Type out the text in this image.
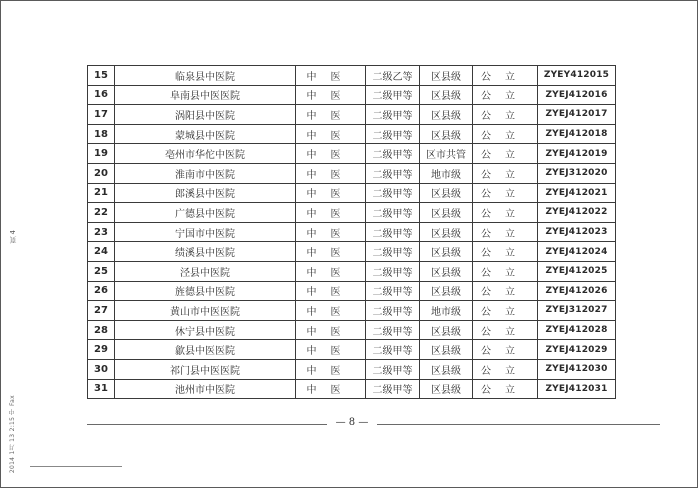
页 4
2014 1月 13 2:15 中 Fax
15	临泉县中医院	中医	二级乙等	区县级	公立	ZYEY412015
16	阜南县中医医院	中医	二级甲等	区县级	公立	ZYEJ412016
17	涡阳县中医院	中医	二级甲等	区县级	公立	ZYEJ412017
18	蒙城县中医院	中医	二级甲等	区县级	公立	ZYEJ412018
19	亳州市华佗中医院	中医	二级甲等	区市共管	公立	ZYEJ412019
20	淮南市中医院	中医	二级甲等	地市级	公立	ZYEJ312020
21	郎溪县中医院	中医	二级甲等	区县级	公立	ZYEJ412021
22	广德县中医院	中医	二级甲等	区县级	公立	ZYEJ412022
23	宁国市中医院	中医	二级甲等	区县级	公立	ZYEJ412023
24	绩溪县中医院	中医	二级甲等	区县级	公立	ZYEJ412024
25	泾县中医院	中医	二级甲等	区县级	公立	ZYEJ412025
26	旌德县中医院	中医	二级甲等	区县级	公立	ZYEJ412026
27	黄山市中医医院	中医	二级甲等	地市级	公立	ZYEJ312027
28	休宁县中医院	中医	二级甲等	区县级	公立	ZYEJ412028
29	歙县中医医院	中医	二级甲等	区县级	公立	ZYEJ412029
30	祁门县中医医院	中医	二级甲等	区县级	公立	ZYEJ412030
31	池州市中医院	中医	二级甲等	区县级	公立	ZYEJ412031
— 8 —
